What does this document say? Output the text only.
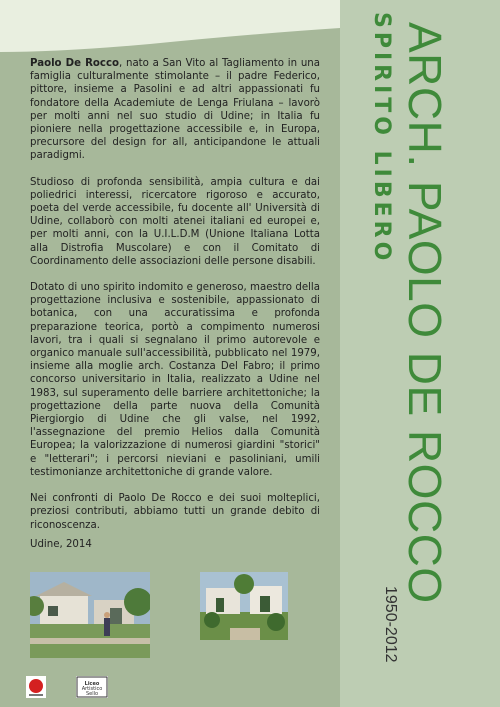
Paolo De Rocco, nato a San Vito al Tagliamento in una famiglia culturalmente stimolante – il padre Federico, pittore, insieme a Pasolini e ad altri appassionati fu fondatore della Academiute de Lenga Friulana – lavorò per molti anni nel suo studio di Udine; in Italia fu pioniere nella progettazione accessibile e, in Europa, precursore del design for all, anticipandone le attuali paradigmi.

Studioso di profonda sensibilità, ampia cultura e dai poliedrici interessi, ricercatore rigoroso e accurato, poeta del verde accessibile, fu docente all' Università di Udine, collaborò con molti atenei italiani ed europei e, per molti anni, con la U.I.L.D.M (Unione Italiana Lotta alla Distrofia Muscolare) e con il Comitato di Coordinamento delle associazioni delle persone disabili.

Dotato di uno spirito indomito e generoso, maestro della progettazione inclusiva e sostenibile, appassionato di botanica, con una accuratissima e profonda preparazione teorica, portò a compimento numerosi lavori, tra i quali si segnalano il primo autorevole e organico manuale sull'accessibilità, pubblicato nel 1979, insieme alla moglie arch. Costanza Del Fabro; il primo concorso universitario in Italia, realizzato a Udine nel 1983, sul superamento delle barriere architettoniche; la progettazione della parte nuova della Comunità Piergiorgio di Udine che gli valse, nel 1992, l'assegnazione del premio Helios dalla Comunità Europea; la valorizzazione di numerosi giardini "storici" e "letterari"; i percorsi nieviani e pasoliniani, umili testimonianze architettoniche di grande valore.

Nei confronti di Paolo De Rocco e dei suoi molteplici, preziosi contributi, abbiamo tutti un grande debito di riconoscenza.

Udine, 2014
Liceo
Artistico
Sello
ARCH. PAOLO DE ROCCO
SPIRITO LIBERO
1950-2012
